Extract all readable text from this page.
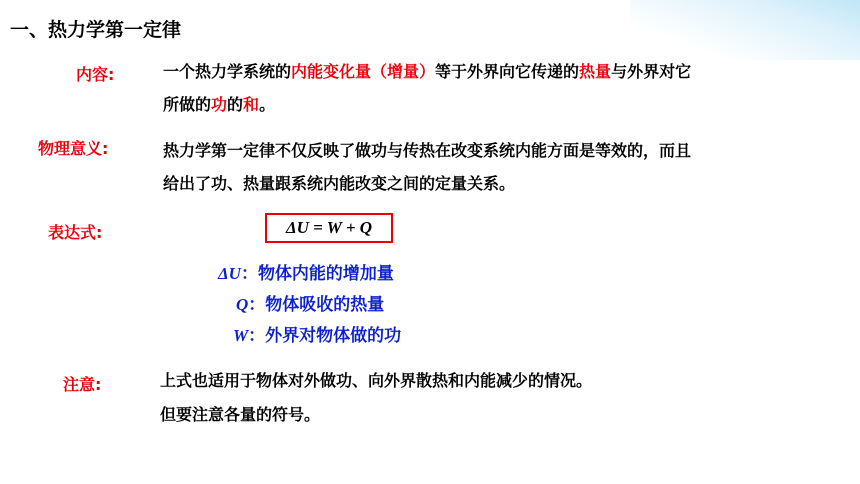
一、热力学第一定律
内容:	一个热力学系统的内能变化量（增量）等于外界向它传递的热量与外界对它
所做的功的和。
物理意义:	热力学第一定律不仅反映了做功与传热在改变系统内能方面是等效的，而且
给出了功、热量跟系统内能改变之间的定量关系。
表达式:	ΔU = W + Q
ΔU：物体内能的增加量
Q：物体吸收的热量
W：外界对物体做的功
注意:	上式也适用于物体对外做功、向外界散热和内能减少的情况。
但要注意各量的符号。
